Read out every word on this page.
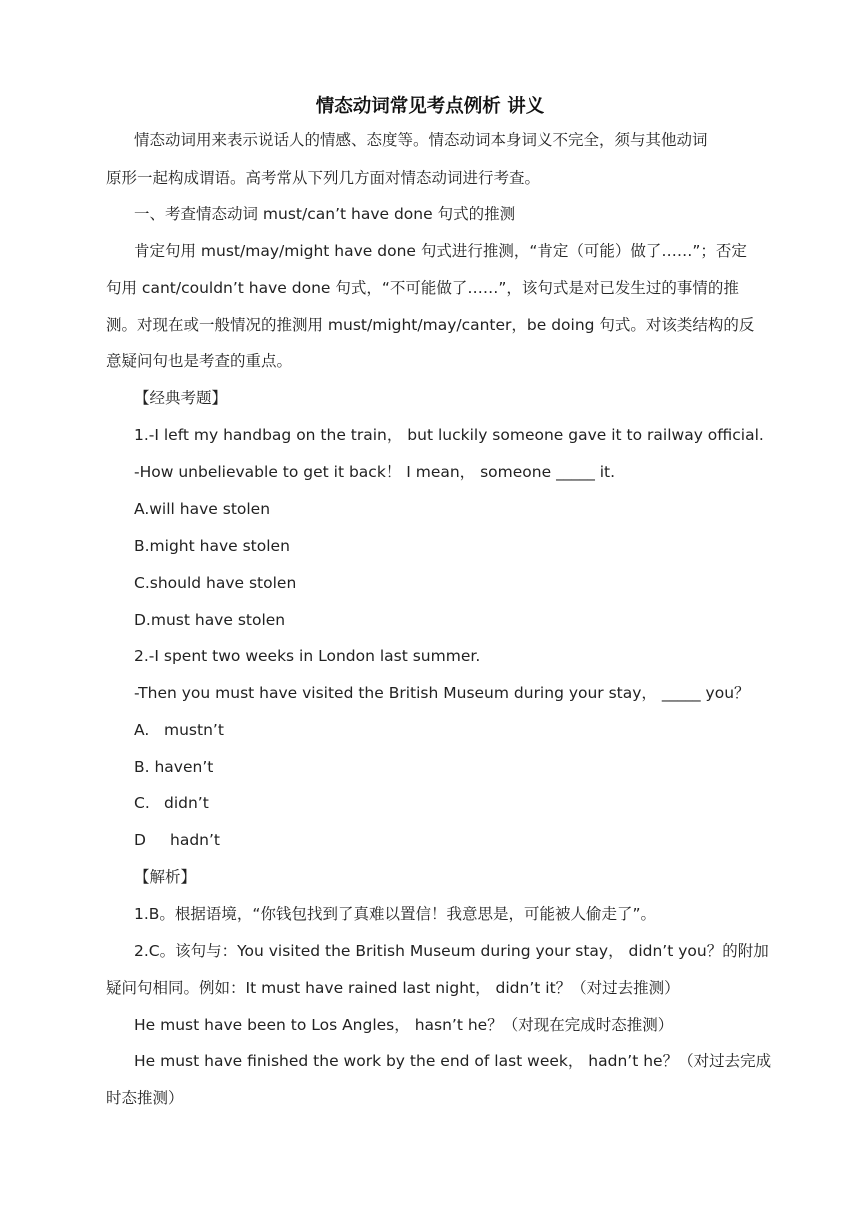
情态动词常见考点例析 讲义
情态动词用来表示说话人的情感、态度等。情态动词本身词义不完全，须与其他动词
原形一起构成谓语。高考常从下列几方面对情态动词进行考查。
一、考查情态动词 must/can’t have done 句式的推测
肯定句用 must/may/might have done 句式进行推测，“肯定（可能）做了……”；否定
句用 cant/couldn’t have done 句式，“不可能做了……”，该句式是对已发生过的事情的推
测。对现在或一般情况的推测用 must/might/may/canter，be doing 句式。对该类结构的反
意疑问句也是考查的重点。
【经典考题】
1.-I left my handbag on the train， but luckily someone gave it to railway official.
-How unbelievable to get it back！ I mean， someone _____ it.
A.will have stolen
B.might have stolen
C.should have stolen
D.must have stolen
2.-I spent two weeks in London last summer.
-Then you must have visited the British Museum during your stay， _____ you？
A. mustn’t
B. haven’t
C. didn’t
D hadn’t
【解析】
1.B。根据语境，“你钱包找到了真难以置信！我意思是，可能被人偷走了”。
2.C。该句与：You visited the British Museum during your stay， didn’t you？的附加
疑问句相同。例如：It must have rained last night， didn’t it？（对过去推测）
He must have been to Los Angles， hasn’t he？（对现在完成时态推测）
He must have finished the work by the end of last week， hadn’t he？（对过去完成
时态推测）
